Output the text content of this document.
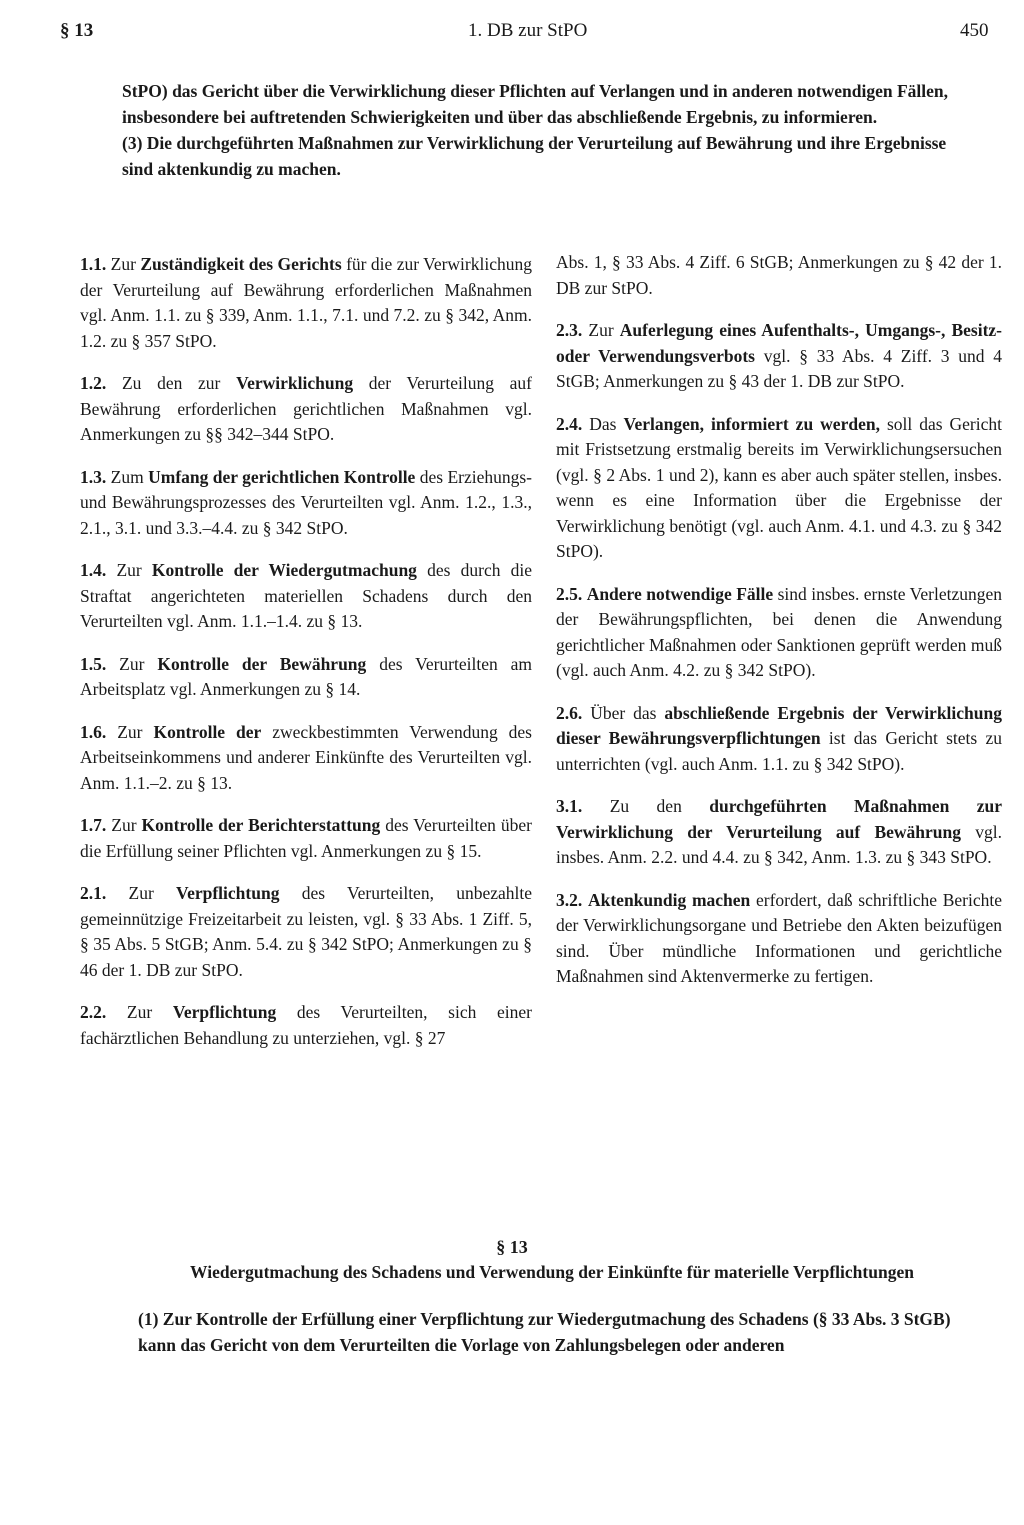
§ 13	1. DB zur StPO	450

StPO) das Gericht über die Verwirklichung dieser Pflichten auf Verlangen und in anderen notwendigen Fällen, insbesondere bei auftretenden Schwierigkeiten und über das abschließende Ergebnis, zu informieren.

(3) Die durchgeführten Maßnahmen zur Verwirklichung der Verurteilung auf Bewährung und ihre Ergebnisse sind aktenkundig zu machen.

1.1. Zur Zuständigkeit des Gerichts für die zur Verwirklichung der Verurteilung auf Bewährung erforderlichen Maßnahmen vgl. Anm. 1.1. zu § 339, Anm. 1.1., 7.1. und 7.2. zu § 342, Anm. 1.2. zu § 357 StPO.

1.2. Zu den zur Verwirklichung der Verurteilung auf Bewährung erforderlichen gerichtlichen Maßnahmen vgl. Anmerkungen zu §§ 342–344 StPO.

1.3. Zum Umfang der gerichtlichen Kontrolle des Erziehungs- und Bewährungsprozesses des Verurteilten vgl. Anm. 1.2., 1.3., 2.1., 3.1. und 3.3.–4.4. zu § 342 StPO.

1.4. Zur Kontrolle der Wiedergutmachung des durch die Straftat angerichteten materiellen Schadens durch den Verurteilten vgl. Anm. 1.1.–1.4. zu § 13.

1.5. Zur Kontrolle der Bewährung des Verurteilten am Arbeitsplatz vgl. Anmerkungen zu § 14.

1.6. Zur Kontrolle der zweckbestimmten Verwendung des Arbeitseinkommens und anderer Einkünfte des Verurteilten vgl. Anm. 1.1.–2. zu § 13.

1.7. Zur Kontrolle der Berichterstattung des Verurteilten über die Erfüllung seiner Pflichten vgl. Anmerkungen zu § 15.

2.1. Zur Verpflichtung des Verurteilten, unbezahlte gemeinnützige Freizeitarbeit zu leisten, vgl. § 33 Abs. 1 Ziff. 5, § 35 Abs. 5 StGB; Anm. 5.4. zu § 342 StPO; Anmerkungen zu § 46 der 1. DB zur StPO.

2.2. Zur Verpflichtung des Verurteilten, sich einer fachärztlichen Behandlung zu unterziehen, vgl. § 27

Abs. 1, § 33 Abs. 4 Ziff. 6 StGB; Anmerkungen zu § 42 der 1. DB zur StPO.

2.3. Zur Auferlegung eines Aufenthalts-, Umgangs-, Besitz- oder Verwendungsverbots vgl. § 33 Abs. 4 Ziff. 3 und 4 StGB; Anmerkungen zu § 43 der 1. DB zur StPO.

2.4. Das Verlangen, informiert zu werden, soll das Gericht mit Fristsetzung erstmalig bereits im Verwirklichungsersuchen (vgl. § 2 Abs. 1 und 2), kann es aber auch später stellen, insbes. wenn es eine Information über die Ergebnisse der Verwirklichung benötigt (vgl. auch Anm. 4.1. und 4.3. zu § 342 StPO).

2.5. Andere notwendige Fälle sind insbes. ernste Verletzungen der Bewährungspflichten, bei denen die Anwendung gerichtlicher Maßnahmen oder Sanktionen geprüft werden muß (vgl. auch Anm. 4.2. zu § 342 StPO).

2.6. Über das abschließende Ergebnis der Verwirklichung dieser Bewährungsverpflichtungen ist das Gericht stets zu unterrichten (vgl. auch Anm. 1.1. zu § 342 StPO).

3.1. Zu den durchgeführten Maßnahmen zur Verwirklichung der Verurteilung auf Bewährung vgl. insbes. Anm. 2.2. und 4.4. zu § 342, Anm. 1.3. zu § 343 StPO.

3.2. Aktenkundig machen erfordert, daß schriftliche Berichte der Verwirklichungsorgane und Betriebe den Akten beizufügen sind. Über mündliche Informationen und gerichtliche Maßnahmen sind Aktenvermerke zu fertigen.

§ 13
Wiedergutmachung des Schadens und Verwendung der Einkünfte für materielle Verpflichtungen

(1) Zur Kontrolle der Erfüllung einer Verpflichtung zur Wiedergutmachung des Schadens (§ 33 Abs. 3 StGB) kann das Gericht von dem Verurteilten die Vorlage von Zahlungsbelegen oder anderen
